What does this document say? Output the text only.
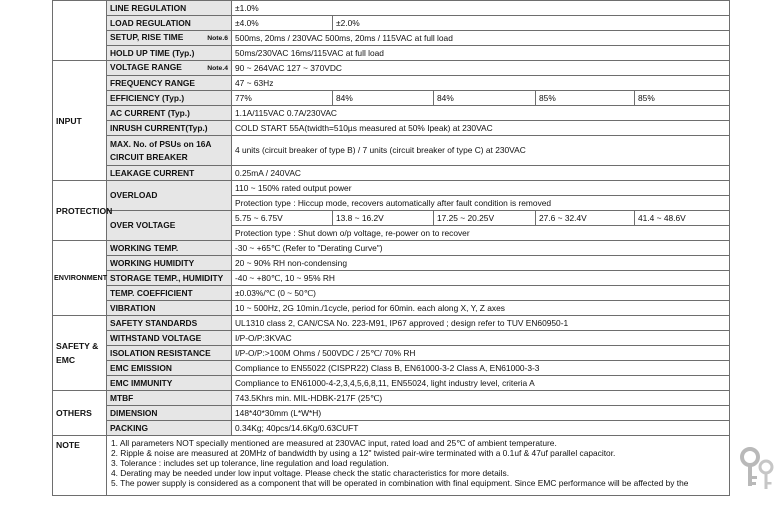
	LINE REGULATION	±1.0%				
	LOAD REGULATION	±4.0%	±2.0%			
	SETUP, RISE TIME Note.6	500ms, 20ms / 230VAC 500ms, 20ms / 115VAC at full load				
	HOLD UP TIME (Typ.)	50ms/230VAC 16ms/115VAC at full load				
INPUT	VOLTAGE RANGE Note.4	90 ~ 264VAC 127 ~ 370VDC				
	FREQUENCY RANGE	47 ~ 63Hz				
	EFFICIENCY (Typ.)	77%	84%	84%	85%	85%
	AC CURRENT (Typ.)	1.1A/115VAC 0.7A/230VAC				
	INRUSH CURRENT(Typ.)	COLD START 55A(twidth=510µs measured at 50% Ipeak) at 230VAC				
	MAX. No. of PSUs on 16A CIRCUIT BREAKER	4 units (circuit breaker of type B) / 7 units (circuit breaker of type C) at 230VAC				
	LEAKAGE CURRENT	0.25mA / 240VAC				
PROTECTION	OVERLOAD	110 ~ 150% rated output power				
		Protection type : Hiccup mode, recovers automatically after fault condition is removed				
	OVER VOLTAGE	5.75 ~ 6.75V	13.8 ~ 16.2V	17.25 ~ 20.25V	27.6 ~ 32.4V	41.4 ~ 48.6V
		Protection type : Shut down o/p voltage, re-power on to recover				
ENVIRONMENT	WORKING TEMP.	-30 ~ +65℃ (Refer to "Derating Curve")				
	WORKING HUMIDITY	20 ~ 90% RH non-condensing				
	STORAGE TEMP., HUMIDITY	-40 ~ +80℃, 10 ~ 95% RH				
	TEMP. COEFFICIENT	±0.03%/℃ (0 ~ 50℃)				
	VIBRATION	10 ~ 500Hz, 2G 10min./1cycle, period for 60min. each along X, Y, Z axes				
SAFETY & EMC	SAFETY STANDARDS	UL1310 class 2, CAN/CSA No. 223-M91, IP67 approved ; design refer to TUV EN60950-1				
	WITHSTAND VOLTAGE	I/P-O/P:3KVAC				
	ISOLATION RESISTANCE	I/P-O/P:>100M Ohms / 500VDC / 25℃/ 70% RH				
	EMC EMISSION	Compliance to EN55022 (CISPR22) Class B, EN61000-3-2 Class A, EN61000-3-3				
	EMC IMMUNITY	Compliance to EN61000-4-2,3,4,5,6,8,11, EN55024, light industry level, criteria A				
OTHERS	MTBF	743.5Khrs min. MIL-HDBK-217F (25℃)				
	DIMENSION	148*40*30mm (L*W*H)				
	PACKING	0.34Kg; 40pcs/14.6Kg/0.63CUFT				
NOTE	1. All parameters NOT specially mentioned are measured at 230VAC input, rated load and 25℃ of ambient temperature.
2. Ripple & noise are measured at 20MHz of bandwidth by using a 12" twisted pair-wire terminated with a 0.1uf & 47uf parallel capacitor.
3. Tolerance : includes set up tolerance, line regulation and load regulation.
4. Derating may be needed under low input voltage. Please check the static characteristics for more details.
5. The power supply is considered as a component that will be operated in combination with final equipment. Since EMC performance will be affected by the					
